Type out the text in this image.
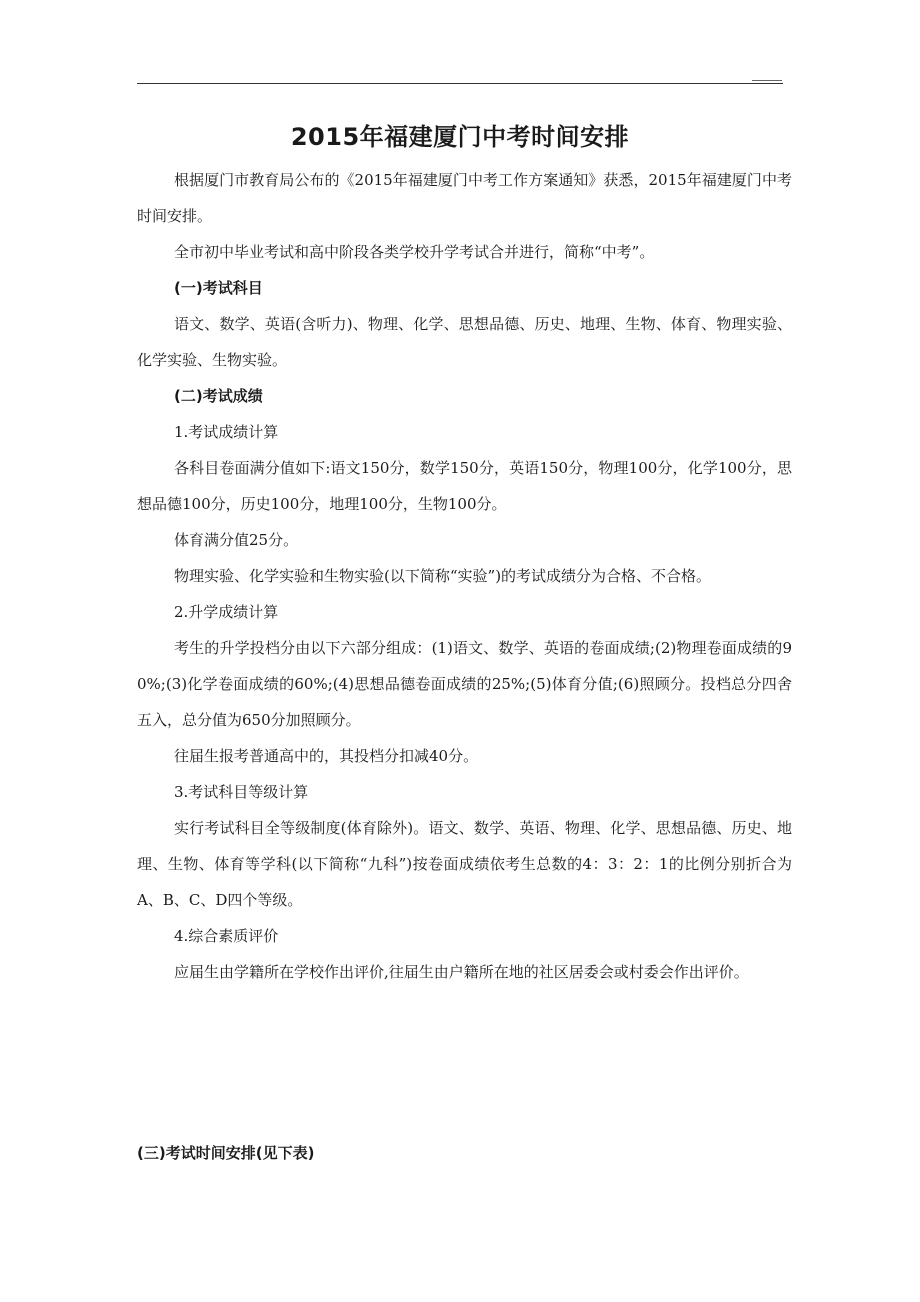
2015年福建厦门中考时间安排

根据厦门市教育局公布的《2015年福建厦门中考工作方案通知》获悉，2015年福建厦门中考时间安排。

全市初中毕业考试和高中阶段各类学校升学考试合并进行，简称“中考”。

(一)考试科目

语文、数学、英语(含听力)、物理、化学、思想品德、历史、地理、生物、体育、物理实验、化学实验、生物实验。

(二)考试成绩

1.考试成绩计算

各科目卷面满分值如下:语文150分，数学150分，英语150分，物理100分，化学100分，思想品德100分，历史100分，地理100分，生物100分。

体育满分值25分。

物理实验、化学实验和生物实验(以下简称“实验”)的考试成绩分为合格、不合格。

2.升学成绩计算

考生的升学投档分由以下六部分组成：(1)语文、数学、英语的卷面成绩;(2)物理卷面成绩的90%;(3)化学卷面成绩的60%;(4)思想品德卷面成绩的25%;(5)体育分值;(6)照顾分。投档总分四舍五入，总分值为650分加照顾分。

往届生报考普通高中的，其投档分扣减40分。

3.考试科目等级计算

实行考试科目全等级制度(体育除外)。语文、数学、英语、物理、化学、思想品德、历史、地理、生物、体育等学科(以下简称“九科”)按卷面成绩依考生总数的4：3：2：1的比例分别折合为A、B、C、D四个等级。

4.综合素质评价

应届生由学籍所在学校作出评价,往届生由户籍所在地的社区居委会或村委会作出评价。

(三)考试时间安排(见下表)
